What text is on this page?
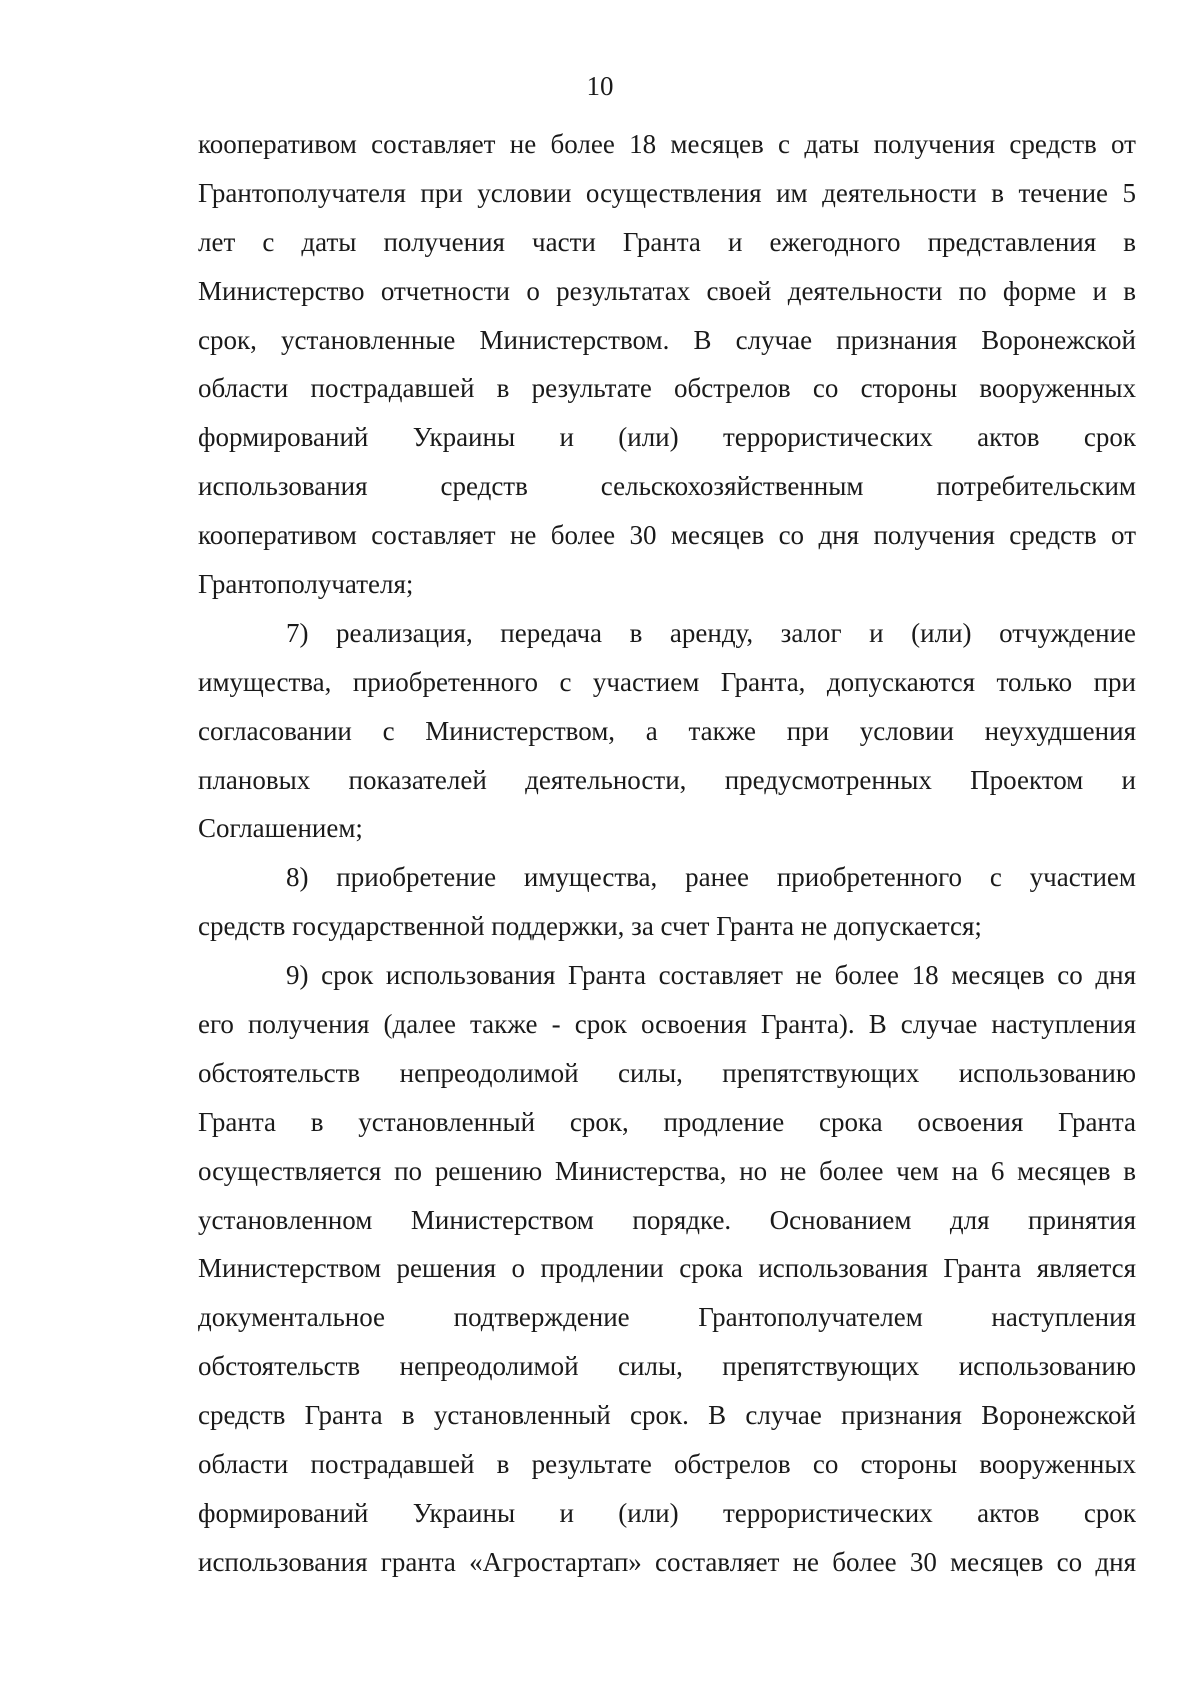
10
кооперативом составляет не более 18 месяцев с даты получения средств от
Грантополучателя при условии осуществления им деятельности в течение 5
лет с даты получения части Гранта и ежегодного представления в
Министерство отчетности о результатах своей деятельности по форме и в
срок, установленные Министерством. В случае признания Воронежской
области пострадавшей в результате обстрелов со стороны вооруженных
формирований Украины и (или) террористических актов срок
использования средств сельскохозяйственным потребительским
кооперативом составляет не более 30 месяцев со дня получения средств от
Грантополучателя;
7) реализация, передача в аренду, залог и (или) отчуждение
имущества, приобретенного с участием Гранта, допускаются только при
согласовании с Министерством, а также при условии неухудшения
плановых показателей деятельности, предусмотренных Проектом и
Соглашением;
8) приобретение имущества, ранее приобретенного с участием
средств государственной поддержки, за счет Гранта не допускается;
9) срок использования Гранта составляет не более 18 месяцев со дня
его получения (далее также - срок освоения Гранта). В случае наступления
обстоятельств непреодолимой силы, препятствующих использованию
Гранта в установленный срок, продление срока освоения Гранта
осуществляется по решению Министерства, но не более чем на 6 месяцев в
установленном Министерством порядке. Основанием для принятия
Министерством решения о продлении срока использования Гранта является
документальное подтверждение Грантополучателем наступления
обстоятельств непреодолимой силы, препятствующих использованию
средств Гранта в установленный срок. В случае признания Воронежской
области пострадавшей в результате обстрелов со стороны вооруженных
формирований Украины и (или) террористических актов срок
использования гранта «Агростартап» составляет не более 30 месяцев со дня
